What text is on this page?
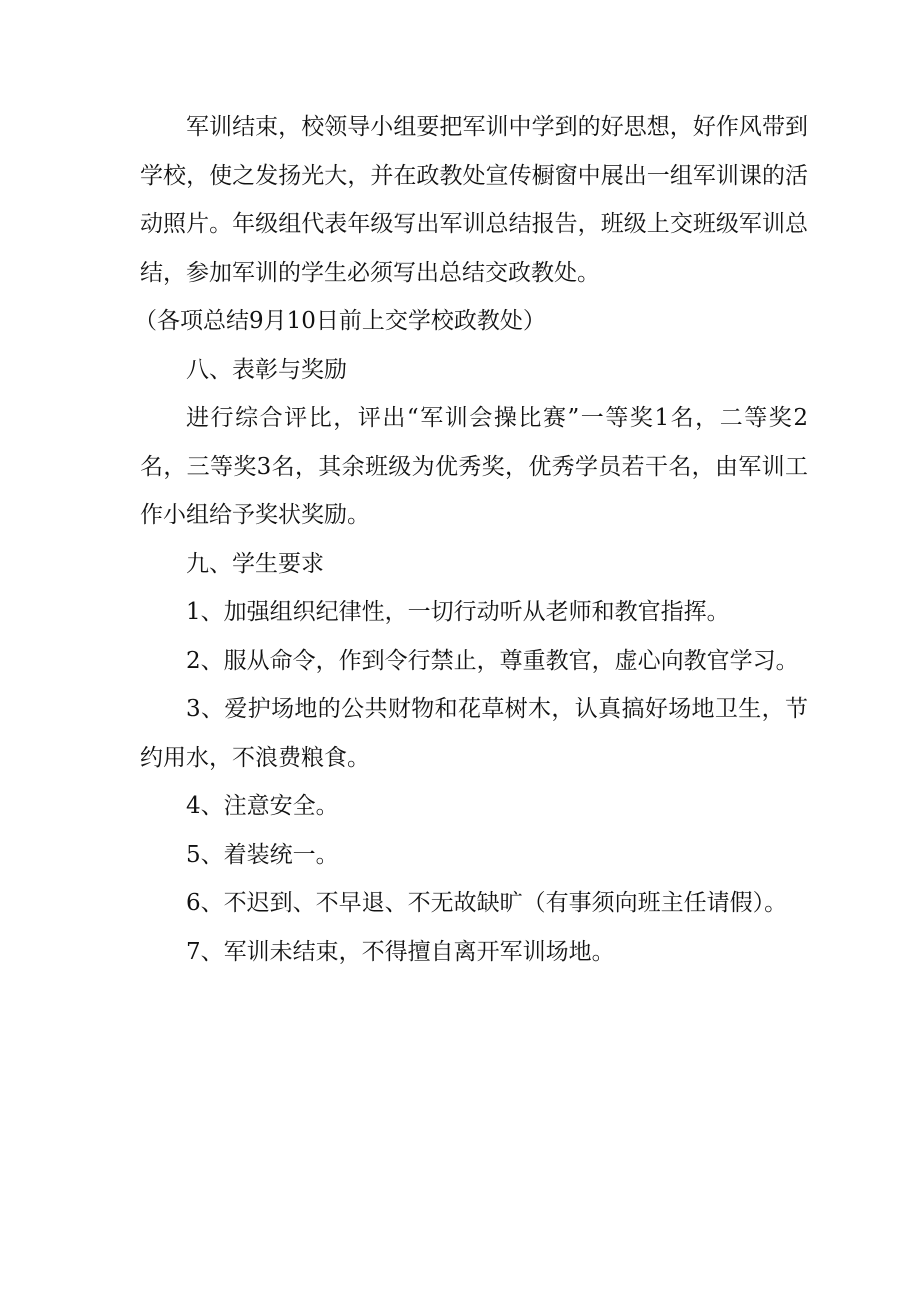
军训结束，校领导小组要把军训中学到的好思想，好作风带到学校，使之发扬光大，并在政教处宣传橱窗中展出一组军训课的活动照片。年级组代表年级写出军训总结报告，班级上交班级军训总结，参加军训的学生必须写出总结交政教处。

（各项总结9月10日前上交学校政教处）

八、表彰与奖励

进行综合评比，评出“军训会操比赛”一等奖1名，二等奖2名，三等奖3名，其余班级为优秀奖，优秀学员若干名，由军训工作小组给予奖状奖励。

九、学生要求

1、加强组织纪律性，一切行动听从老师和教官指挥。

2、服从命令，作到令行禁止，尊重教官，虚心向教官学习。

3、爱护场地的公共财物和花草树木，认真搞好场地卫生，节约用水，不浪费粮食。

4、注意安全。

5、着装统一。

6、不迟到、不早退、不无故缺旷（有事须向班主任请假）。

7、军训未结束，不得擅自离开军训场地。
